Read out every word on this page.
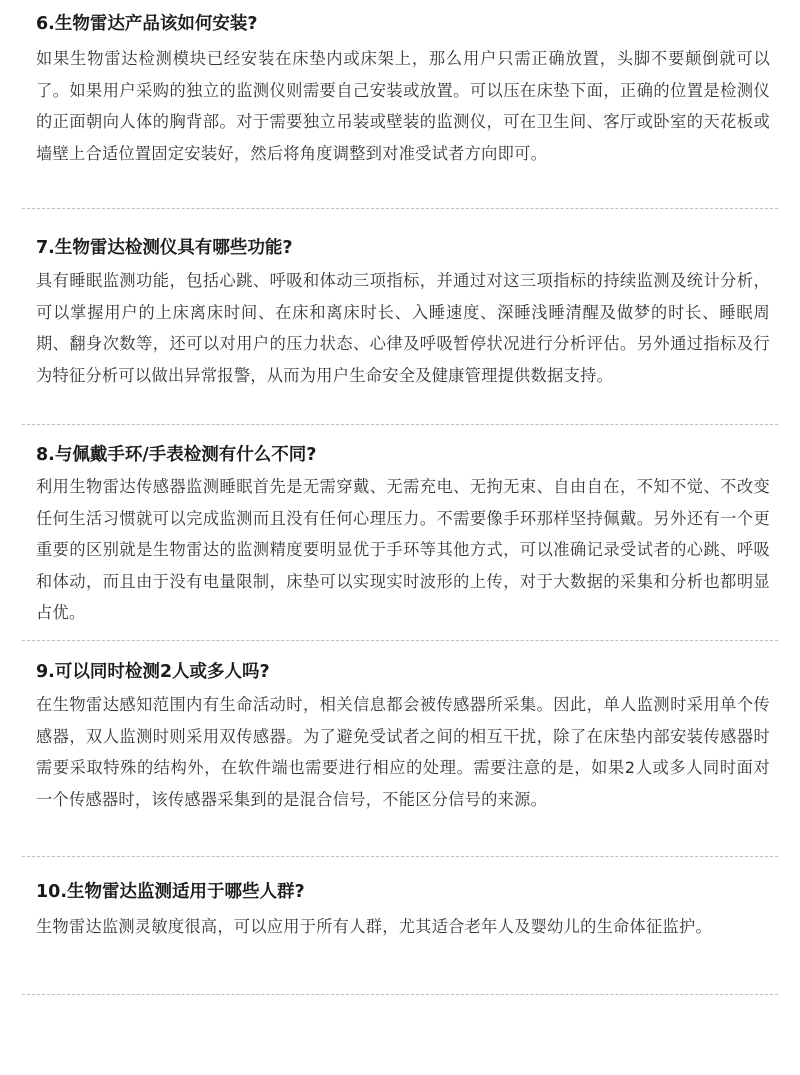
6.生物雷达产品该如何安装?

如果生物雷达检测模块已经安装在床垫内或床架上，那么用户只需正确放置，头脚不要颠倒就可以了。如果用户采购的独立的监测仪则需要自己安装或放置。可以压在床垫下面，正确的位置是检测仪的正面朝向人体的胸背部。对于需要独立吊装或壁装的监测仪，可在卫生间、客厅或卧室的天花板或墙壁上合适位置固定安装好，然后将角度调整到对准受试者方向即可。

7.生物雷达检测仪具有哪些功能?

具有睡眠监测功能，包括心跳、呼吸和体动三项指标，并通过对这三项指标的持续监测及统计分析，可以掌握用户的上床离床时间、在床和离床时长、入睡速度、深睡浅睡清醒及做梦的时长、睡眠周期、翻身次数等，还可以对用户的压力状态、心律及呼吸暂停状况进行分析评估。另外通过指标及行为特征分析可以做出异常报警，从而为用户生命安全及健康管理提供数据支持。

8.与佩戴手环/手表检测有什么不同?

利用生物雷达传感器监测睡眠首先是无需穿戴、无需充电、无拘无束、自由自在，不知不觉、不改变任何生活习惯就可以完成监测而且没有任何心理压力。不需要像手环那样坚持佩戴。另外还有一个更重要的区别就是生物雷达的监测精度要明显优于手环等其他方式，可以准确记录受试者的心跳、呼吸和体动，而且由于没有电量限制，床垫可以实现实时波形的上传，对于大数据的采集和分析也都明显占优。

9.可以同时检测2人或多人吗?

在生物雷达感知范围内有生命活动时，相关信息都会被传感器所采集。因此，单人监测时采用单个传感器，双人监测时则采用双传感器。为了避免受试者之间的相互干扰，除了在床垫内部安装传感器时需要采取特殊的结构外，在软件端也需要进行相应的处理。需要注意的是，如果2人或多人同时面对一个传感器时，该传感器采集到的是混合信号，不能区分信号的来源。

10.生物雷达监测适用于哪些人群?

生物雷达监测灵敏度很高，可以应用于所有人群，尤其适合老年人及婴幼儿的生命体征监护。
